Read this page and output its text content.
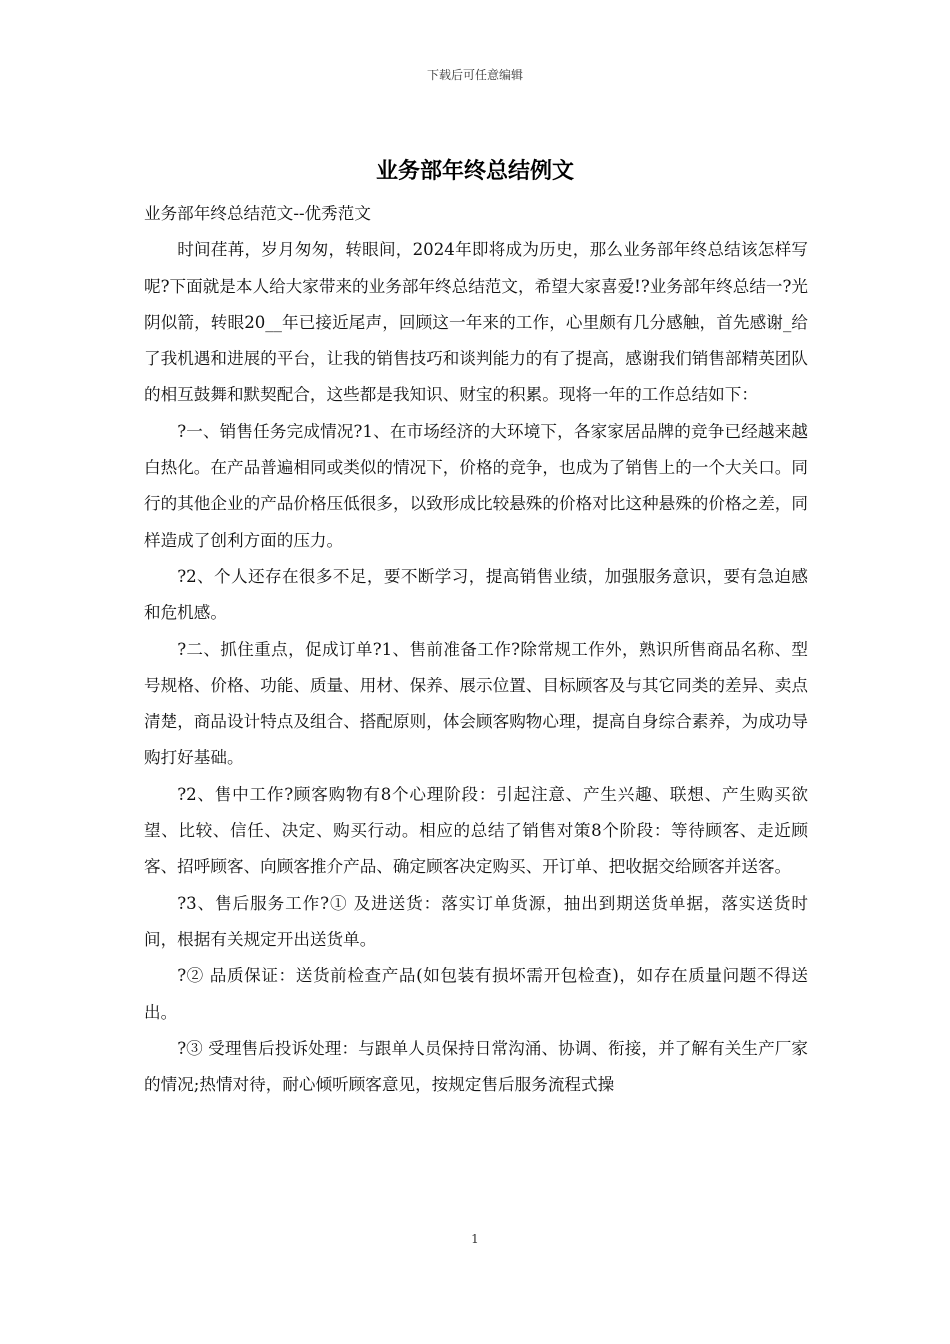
下载后可任意编辑
业务部年终总结例文

业务部年终总结范文--优秀范文

时间荏苒，岁月匆匆，转眼间，2024年即将成为历史，那么业务部年终总结该怎样写呢?下面就是本人给大家带来的业务部年终总结范文，希望大家喜爱!?业务部年终总结一?光阴似箭，转眼20__年已接近尾声，回顾这一年来的工作，心里颇有几分感触，首先感谢_给了我机遇和进展的平台，让我的销售技巧和谈判能力的有了提高，感谢我们销售部精英团队的相互鼓舞和默契配合，这些都是我知识、财宝的积累。现将一年的工作总结如下：

?一、销售任务完成情况?1、在市场经济的大环境下，各家家居品牌的竞争已经越来越白热化。在产品普遍相同或类似的情况下，价格的竞争，也成为了销售上的一个大关口。同行的其他企业的产品价格压低很多，以致形成比较悬殊的价格对比这种悬殊的价格之差，同样造成了创利方面的压力。

?2、个人还存在很多不足，要不断学习，提高销售业绩，加强服务意识，要有急迫感和危机感。

?二、抓住重点，促成订单?1、售前准备工作?除常规工作外，熟识所售商品名称、型号规格、价格、功能、质量、用材、保养、展示位置、目标顾客及与其它同类的差异、卖点清楚，商品设计特点及组合、搭配原则，体会顾客购物心理，提高自身综合素养，为成功导购打好基础。

?2、售中工作?顾客购物有8个心理阶段：引起注意、产生兴趣、联想、产生购买欲望、比较、信任、决定、购买行动。相应的总结了销售对策8个阶段：等待顾客、走近顾客、招呼顾客、向顾客推介产品、确定顾客决定购买、开订单、把收据交给顾客并送客。

?3、售后服务工作?① 及进送货：落实订单货源，抽出到期送货单据，落实送货时间，根据有关规定开出送货单。

?② 品质保证：送货前检查产品(如包装有损坏需开包检查)，如存在质量问题不得送出。

?③ 受理售后投诉处理：与跟单人员保持日常沟涌、协调、衔接，并了解有关生产厂家的情况;热情对待，耐心倾听顾客意见，按规定售后服务流程式操

1
